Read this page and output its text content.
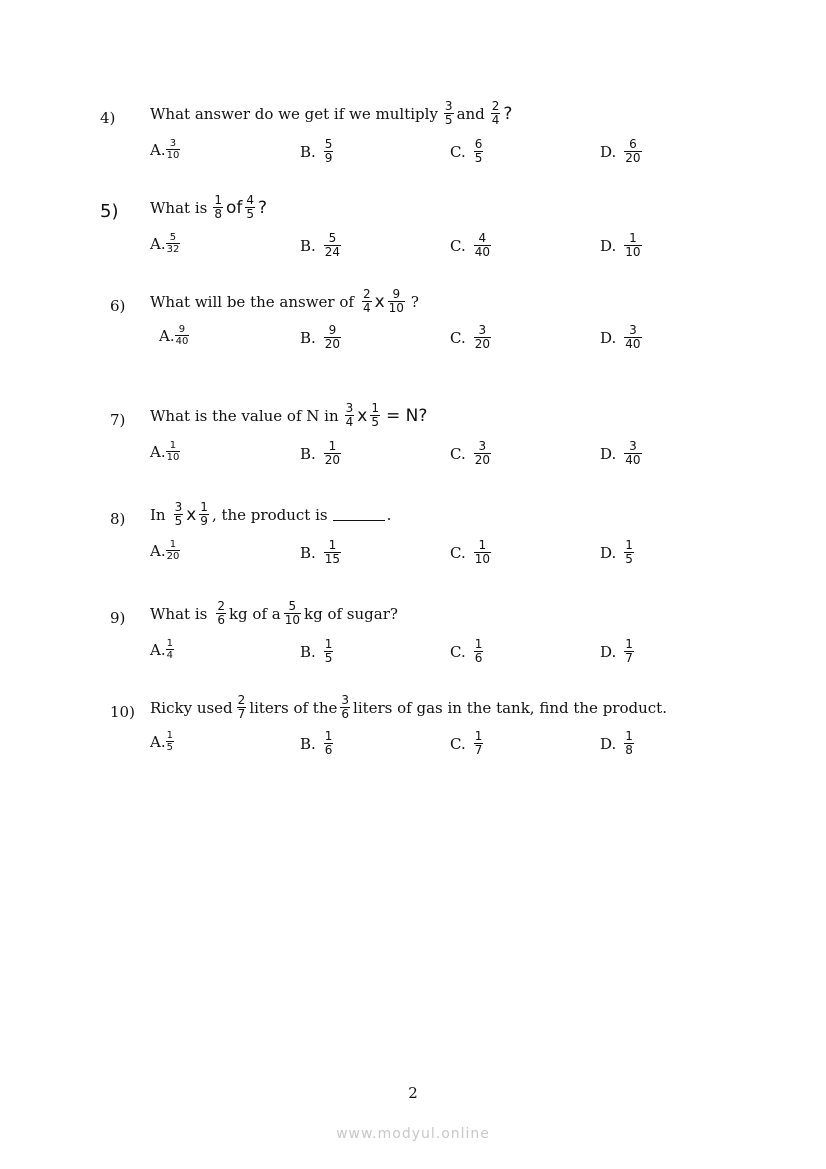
4) What answer do we get if we multiply $\frac{3}{5}$ and $\frac{2}{4}$ ?
A. $\frac{3}{10}$	B. $\frac{5}{9}$	C. $\frac{6}{5}$	D. $\frac{6}{20}$
5) What is $\frac{1}{8}$ of $\frac{4}{5}$ ?
A. $\frac{5}{32}$	B. $\frac{5}{24}$	C. $\frac{4}{40}$	D. $\frac{1}{10}$
6) What will be the answer of $\frac{2}{4}$ x $\frac{9}{10}$ ?
A. $\frac{9}{40}$	B. $\frac{9}{20}$	C. $\frac{3}{20}$	D. $\frac{3}{40}$
7) What is the value of N in $\frac{3}{4}$ x $\frac{1}{5} = N$?
A. $\frac{1}{10}$	B. $\frac{1}{20}$	C. $\frac{3}{20}$	D. $\frac{3}{40}$
8) In $\frac{3}{5}$ x $\frac{1}{9}$ , the product is	.
A. $\frac{1}{20}$	B. $\frac{1}{15}$	C. $\frac{1}{10}$	D. $\frac{1}{5}$
9) What is $\frac{2}{6}$ kg of a $\frac{5}{10}$ kg of sugar?
A. $\frac{1}{4}$	B. $\frac{1}{5}$	C. $\frac{1}{6}$	D. $\frac{1}{7}$
10) Ricky used $\frac{2}{7}$ liters of the $\frac{3}{6}$ liters of gas in the tank, find the product.
A. $\frac{1}{5}$	B. $\frac{1}{6}$	C. $\frac{1}{7}$	D. $\frac{1}{8}$
2
www.modyul.online
